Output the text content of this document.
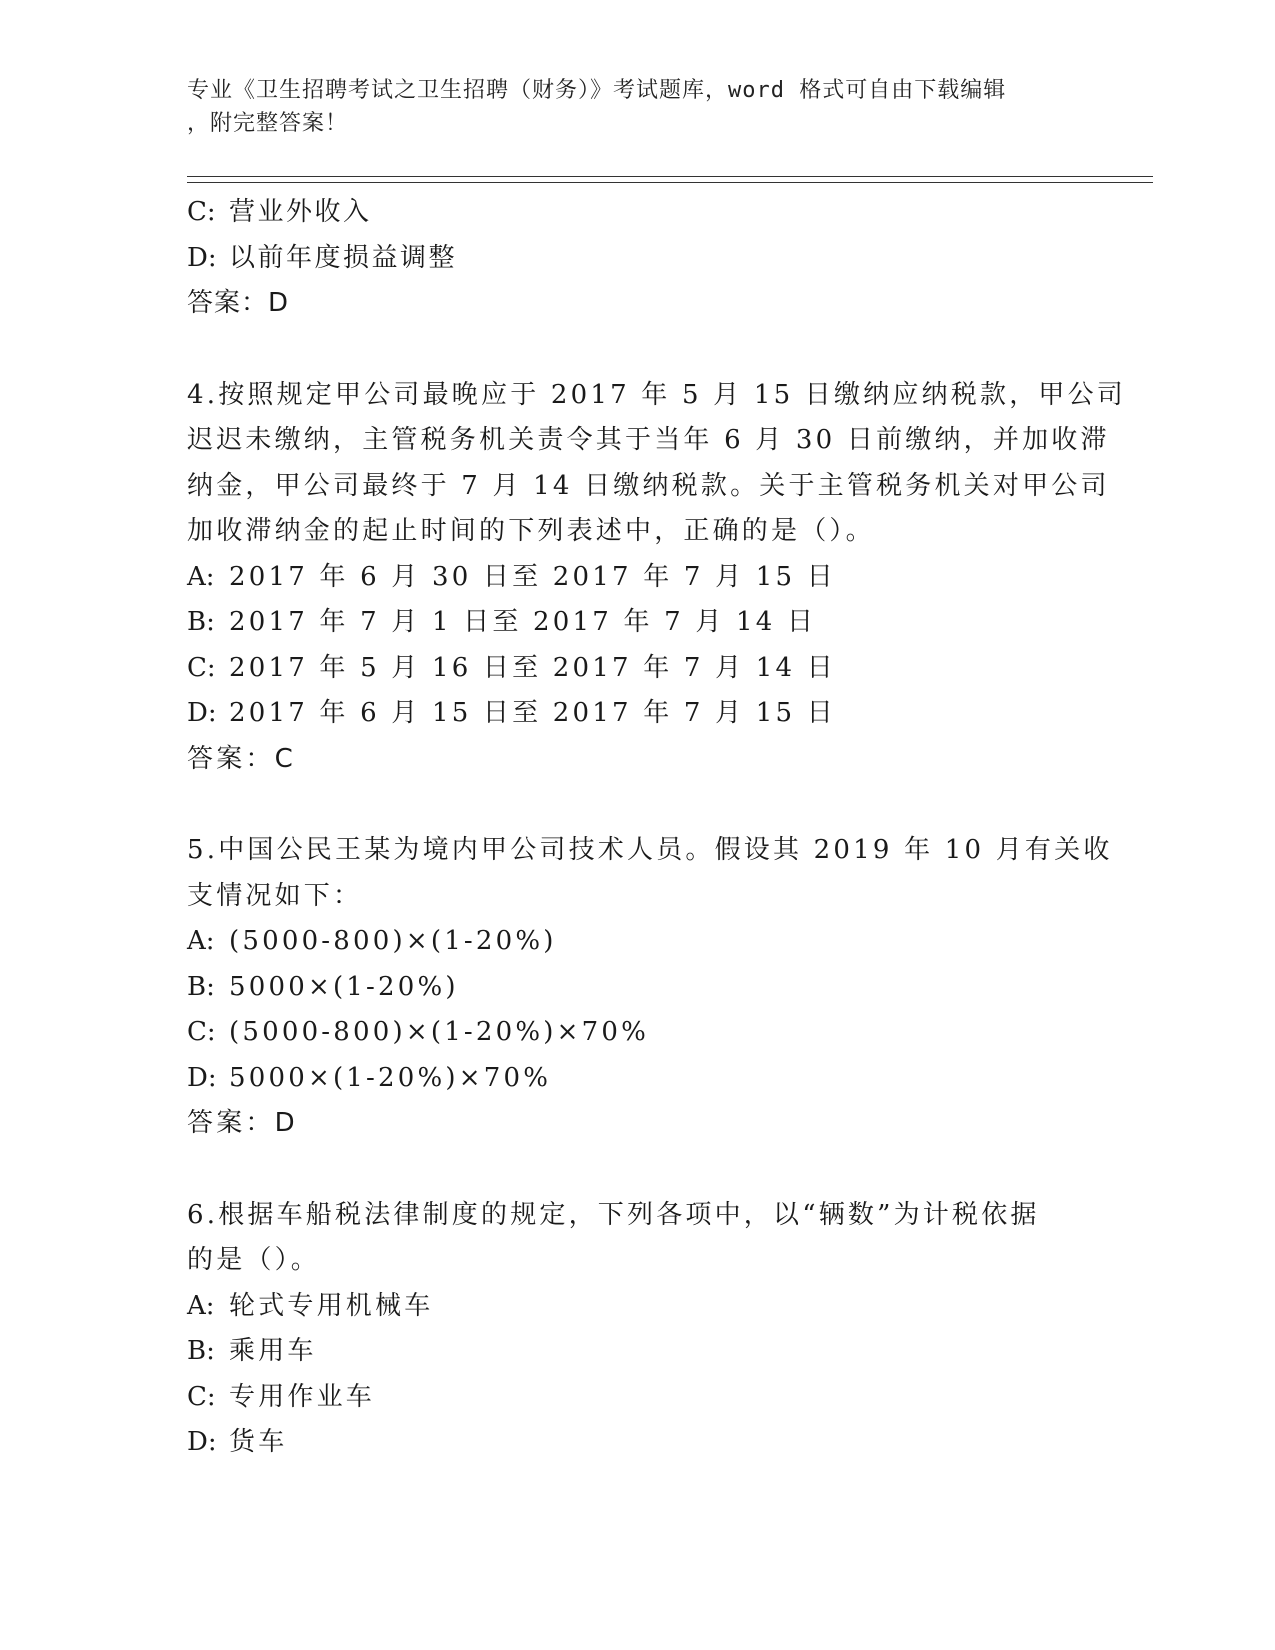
专业《卫生招聘考试之卫生招聘（财务）》考试题库，word 格式可自由下载编辑
，附完整答案！
C: 营业外收入
D: 以前年度损益调整
答案：D
4.按照规定甲公司最晚应于 2017 年 5 月 15 日缴纳应纳税款，甲公司
迟迟未缴纳，主管税务机关责令其于当年 6 月 30 日前缴纳，并加收滞
纳金，甲公司最终于 7 月 14 日缴纳税款。关于主管税务机关对甲公司
加收滞纳金的起止时间的下列表述中，正确的是（）。
A: 2017 年 6 月 30 日至 2017 年 7 月 15 日
B: 2017 年 7 月 1 日至 2017 年 7 月 14 日
C: 2017 年 5 月 16 日至 2017 年 7 月 14 日
D: 2017 年 6 月 15 日至 2017 年 7 月 15 日
答案：C
5.中国公民王某为境内甲公司技术人员。假设其 2019 年 10 月有关收
支情况如下：
A: (5000-800)×(1-20%)
B: 5000×(1-20%)
C: (5000-800)×(1-20%)×70%
D: 5000×(1-20%)×70%
答案：D
6.根据车船税法律制度的规定，下列各项中，以“辆数”为计税依据
的是（）。
A: 轮式专用机械车
B: 乘用车
C: 专用作业车
D: 货车
